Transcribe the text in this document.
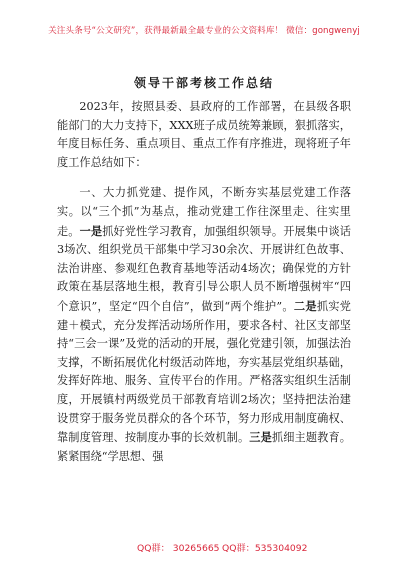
关注头条号“公文研究”，获得最新最全最专业的公文资料库！ 微信：gongwenyj
领导干部考核工作总结

2023年，按照县委、县政府的工作部署，在县级各职能部门的大力支持下，XXX班子成员统筹兼顾，狠抓落实，年度目标任务、重点项目、重点工作有序推进，现将班子年度工作总结如下：

一、大力抓党建、提作风，不断夯实基层党建工作落实。以“三个抓”为基点，推动党建工作往深里走、往实里走。一是抓好党性学习教育，加强组织领导。开展集中谈话3场次、组织党员干部集中学习30余次、开展讲红色故事、法治讲座、参观红色教育基地等活动4场次；确保党的方针政策在基层落地生根，教育引导公职人员不断增强树牢“四个意识”，坚定“四个自信”，做到“两个维护”。二是抓实党建＋模式，充分发挥活动场所作用，要求各村、社区支部坚持“三会一课”及党的活动的开展，强化党建引领，加强法治支撑，不断拓展优化村级活动阵地，夯实基层党组织基础，发挥好阵地、服务、宣传平台的作用。严格落实组织生活制度，开展镇村两级党员干部教育培训2场次；坚持把法治建设贯穿于服务党员群众的各个环节，努力形成用制度确权、靠制度管理、按制度办事的长效机制。三是抓细主题教育。紧紧围绕“学思想、强

QQ群： 30265665 QQ群：535304092
